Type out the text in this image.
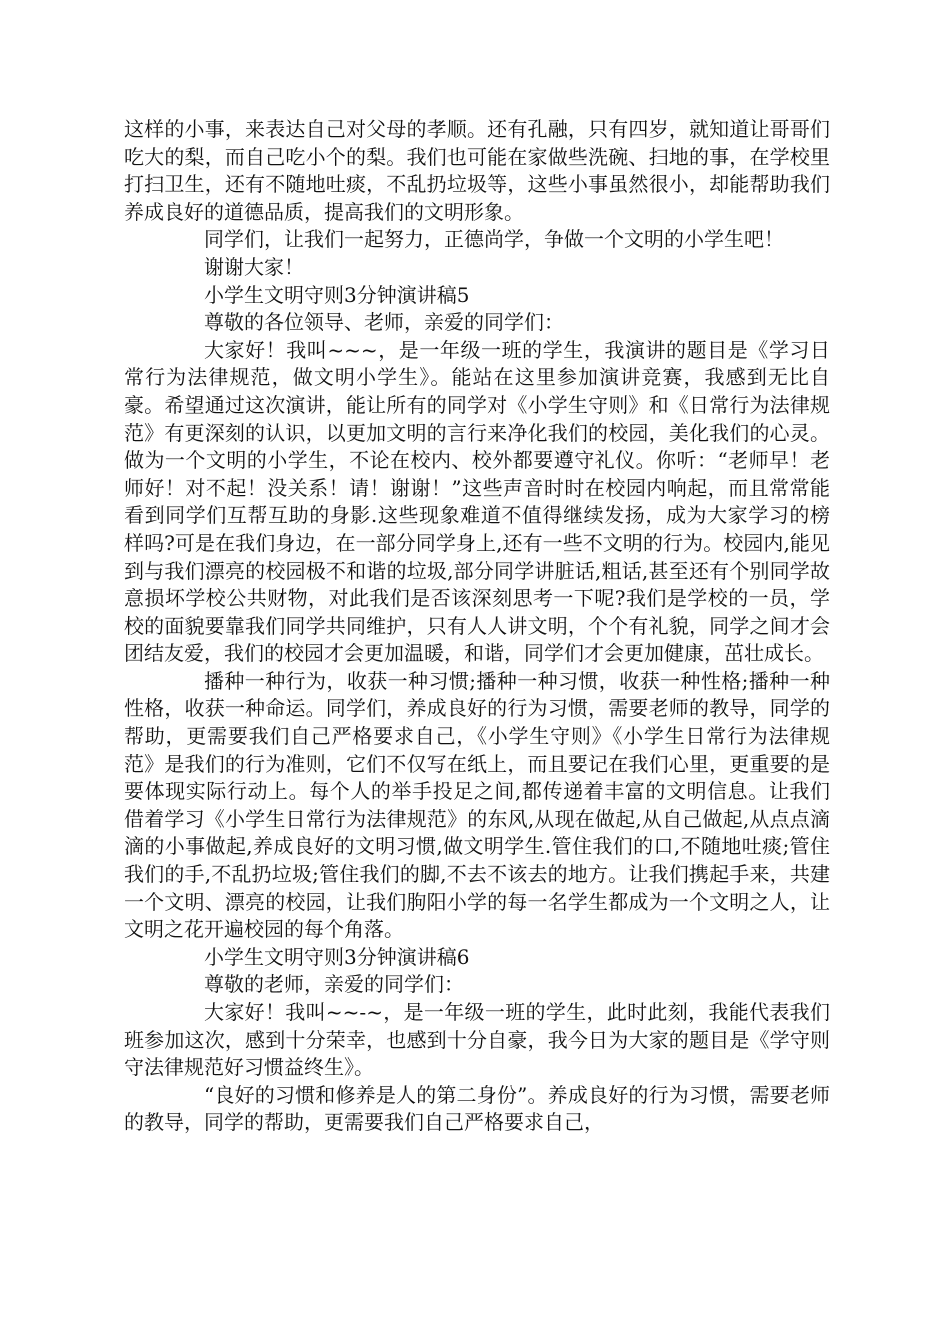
这样的小事，来表达自己对父母的孝顺。还有孔融，只有四岁，就知道让哥哥们吃大的梨，而自己吃小个的梨。我们也可能在家做些洗碗、扫地的事，在学校里打扫卫生，还有不随地吐痰，不乱扔垃圾等，这些小事虽然很小，却能帮助我们养成良好的道德品质，提高我们的文明形象。

同学们，让我们一起努力，正德尚学，争做一个文明的小学生吧！

谢谢大家！

小学生文明守则3分钟演讲稿5

尊敬的各位领导、老师，亲爱的同学们：

大家好！我叫~~~，是一年级一班的学生，我演讲的题目是《学习日常行为法律规范，做文明小学生》。能站在这里参加演讲竞赛，我感到无比自豪。希望通过这次演讲，能让所有的同学对《小学生守则》和《日常行为法律规范》有更深刻的认识，以更加文明的言行来净化我们的校园，美化我们的心灵。做为一个文明的小学生，不论在校内、校外都要遵守礼仪。你听：“老师早！老师好！对不起！没关系！请！谢谢！”这些声音时时在校园内响起，而且常常能看到同学们互帮互助的身影.这些现象难道不值得继续发扬，成为大家学习的榜样吗?可是在我们身边，在一部分同学身上,还有一些不文明的行为。校园内,能见到与我们漂亮的校园极不和谐的垃圾,部分同学讲脏话,粗话,甚至还有个别同学故意损坏学校公共财物，对此我们是否该深刻思考一下呢?我们是学校的一员，学校的面貌要靠我们同学共同维护，只有人人讲文明，个个有礼貌，同学之间才会团结友爱，我们的校园才会更加温暖，和谐，同学们才会更加健康，茁壮成长。

播种一种行为，收获一种习惯;播种一种习惯，收获一种性格;播种一种性格，收获一种命运。同学们，养成良好的行为习惯，需要老师的教导，同学的帮助，更需要我们自己严格要求自己，《小学生守则》《小学生日常行为法律规范》是我们的行为准则，它们不仅写在纸上，而且要记在我们心里，更重要的是要体现实际行动上。每个人的举手投足之间,都传递着丰富的文明信息。让我们借着学习《小学生日常行为法律规范》的东风,从现在做起,从自己做起,从点点滴滴的小事做起,养成良好的文明习惯,做文明学生.管住我们的口,不随地吐痰;管住我们的手,不乱扔垃圾;管住我们的脚,不去不该去的地方。让我们携起手来，共建一个文明、漂亮的校园，让我们朐阳小学的每一名学生都成为一个文明之人，让文明之花开遍校园的每个角落。

小学生文明守则3分钟演讲稿6

尊敬的老师，亲爱的同学们：

大家好！我叫~~-~，是一年级一班的学生，此时此刻，我能代表我们班参加这次，感到十分荣幸，也感到十分自豪，我今日为大家的题目是《学守则 守法律规范好习惯益终生》。

“良好的习惯和修养是人的第二身份”。养成良好的行为习惯，需要老师的教导，同学的帮助，更需要我们自己严格要求自己，
